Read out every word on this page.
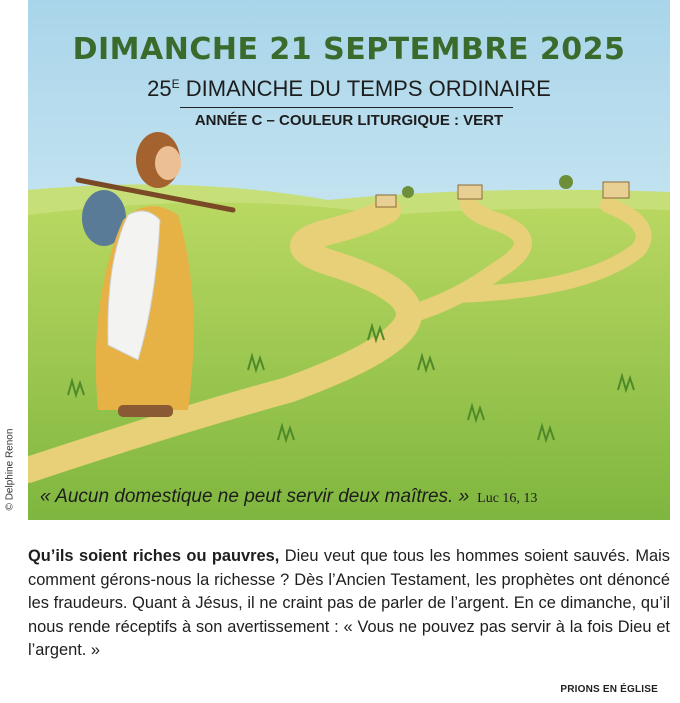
© Delphine Renon
DIMANCHE 21 SEPTEMBRE 2025
$25^E$ DIMANCHE DU TEMPS ORDINAIRE
ANNÉE C – COULEUR LITURGIQUE : VERT
« Aucun domestique ne peut servir deux maîtres. » Luc 16, 13
Qu’ils soient riches ou pauvres, Dieu veut que tous les hommes soient sauvés. Mais comment gérons-nous la richesse ? Dès l’Ancien Testament, les prophètes ont dénoncé les fraudeurs. Quant à Jésus, il ne craint pas de parler de l’argent. En ce dimanche, qu’il nous rende réceptifs à son avertissement : « Vous ne pouvez pas servir à la fois Dieu et l’argent. »
PRIONS EN ÉGLISE
